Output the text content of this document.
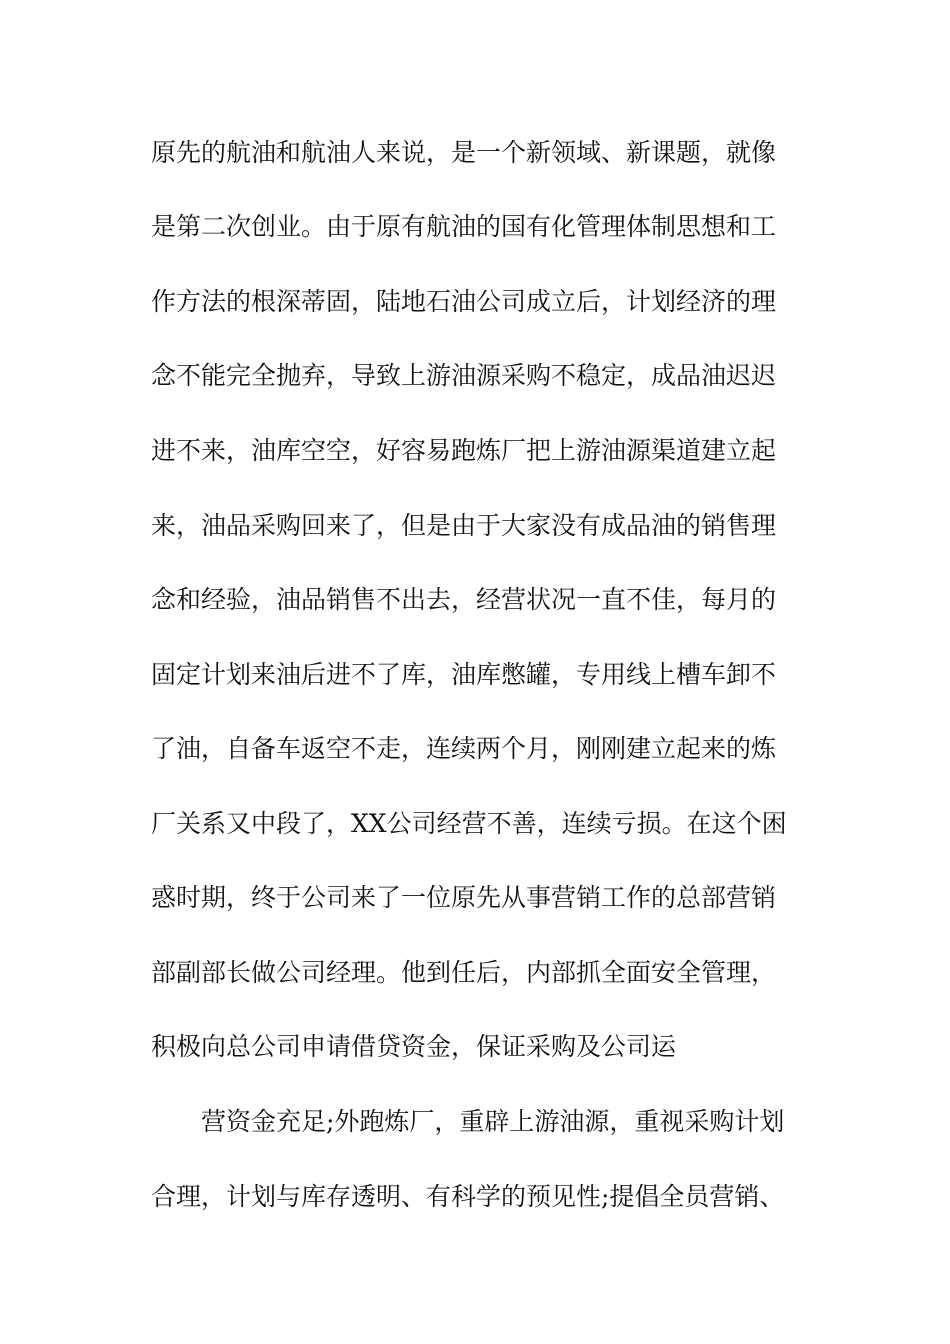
原先的航油和航油人来说，是一个新领域、新课题，就像
是第二次创业。由于原有航油的国有化管理体制思想和工
作方法的根深蒂固，陆地石油公司成立后，计划经济的理
念不能完全抛弃，导致上游油源采购不稳定，成品油迟迟
进不来，油库空空，好容易跑炼厂把上游油源渠道建立起
来，油品采购回来了，但是由于大家没有成品油的销售理
念和经验，油品销售不出去，经营状况一直不佳，每月的
固定计划来油后进不了库，油库憋罐，专用线上槽车卸不
了油，自备车返空不走，连续两个月，刚刚建立起来的炼
厂关系又中段了，XX公司经营不善，连续亏损。在这个困
惑时期，终于公司来了一位原先从事营销工作的总部营销
部副部长做公司经理。他到任后，内部抓全面安全管理，
积极向总公司申请借贷资金，保证采购及公司运
营资金充足;外跑炼厂，重辟上游油源，重视采购计划
合理，计划与库存透明、有科学的预见性;提倡全员营销、
